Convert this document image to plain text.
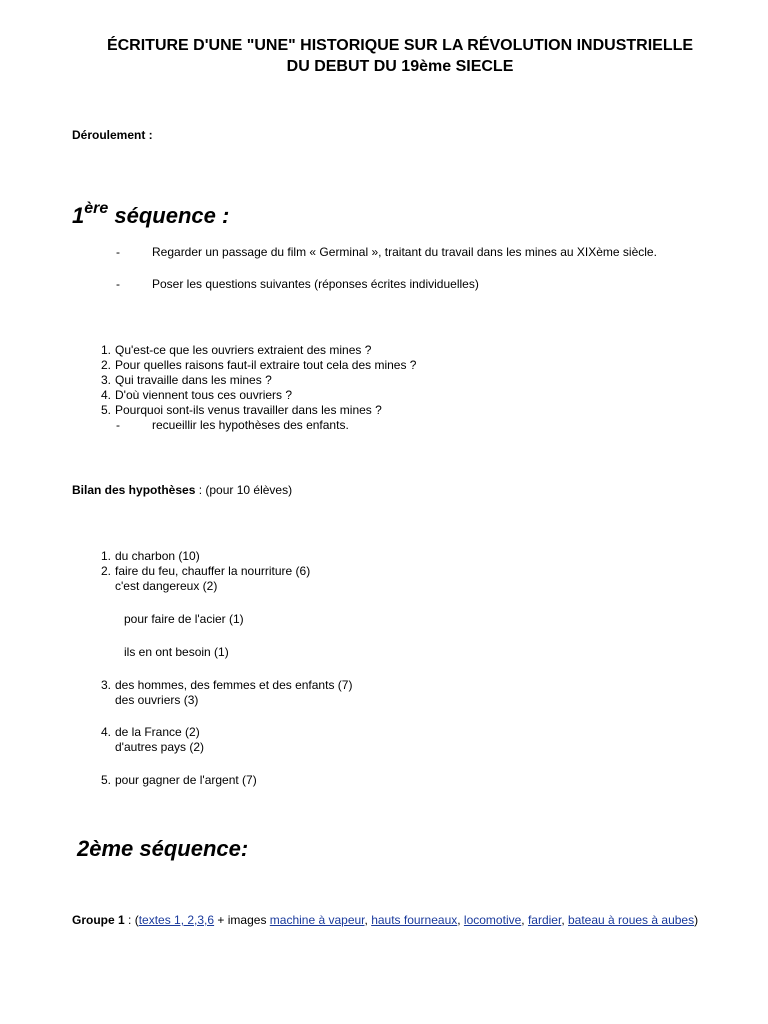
ÉCRITURE D'UNE "UNE" HISTORIQUE SUR LA RÉVOLUTION INDUSTRIELLE
DU DEBUT DU 19ème SIECLE
Déroulement :
1ère séquence :
-	Regarder un passage du film « Germinal », traitant du travail dans les mines au XIXème siècle.
-	Poser les questions suivantes (réponses écrites individuelles)
1. Qu'est-ce que les ouvriers extraient des mines ?
2. Pour quelles raisons faut-il extraire tout cela des mines ?
3. Qui travaille dans les mines ?
4. D'où viennent tous ces ouvriers ?
5. Pourquoi sont-ils venus travailler dans les mines ?
-	recueillir les hypothèses des enfants.
Bilan des hypothèses : (pour 10 élèves)
1. du charbon (10)
2. faire du feu, chauffer la nourriture (6)
c'est dangereux (2)
pour faire de l'acier (1)
ils en ont besoin (1)
3. des hommes, des femmes et des enfants (7)
des ouvriers (3)
4. de la France (2)
d'autres pays (2)
5. pour gagner de l'argent (7)
2ème séquence:
Groupe 1 : (textes 1, 2,3,6 + images machine à vapeur, hauts fourneaux, locomotive, fardier, bateau à roues à aubes)
